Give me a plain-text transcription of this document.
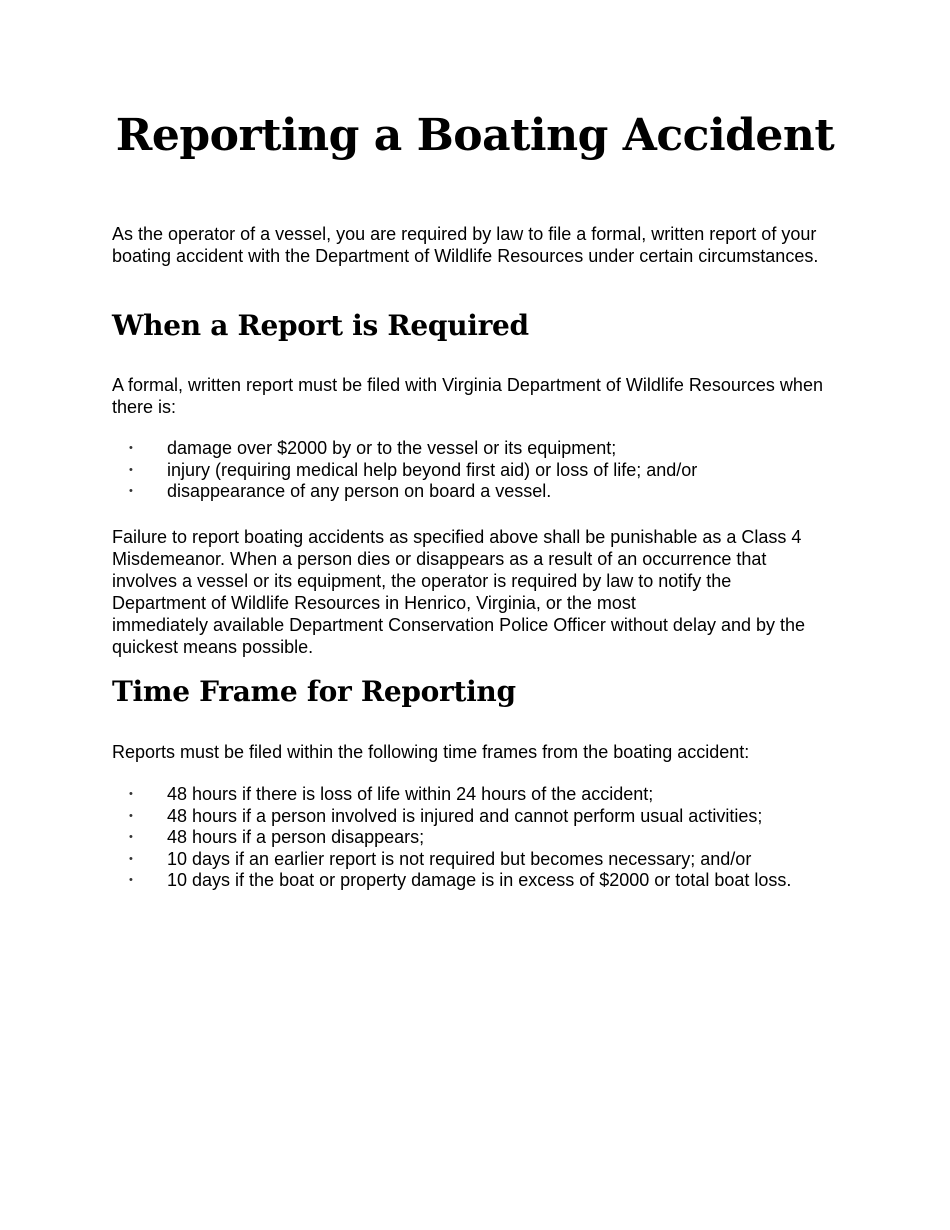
Reporting a Boating Accident

As the operator of a vessel, you are required by law to file a formal, written report of your boating accident with the Department of Wildlife Resources under certain circumstances.

When a Report is Required

A formal, written report must be filed with Virginia Department of Wildlife Resources when there is:

• damage over $2000 by or to the vessel or its equipment;
• injury (requiring medical help beyond first aid) or loss of life; and/or
• disappearance of any person on board a vessel.

Failure to report boating accidents as specified above shall be punishable as a Class 4
Misdemeanor. When a person dies or disappears as a result of an occurrence that
involves a vessel or its equipment, the operator is required by law to notify the
Department of Wildlife Resources in Henrico, Virginia, or the most
immediately available Department Conservation Police Officer without delay and by the
quickest means possible.

Time Frame for Reporting

Reports must be filed within the following time frames from the boating accident:

• 48 hours if there is loss of life within 24 hours of the accident;
• 48 hours if a person involved is injured and cannot perform usual activities;
• 48 hours if a person disappears;
• 10 days if an earlier report is not required but becomes necessary; and/or
• 10 days if the boat or property damage is in excess of $2000 or total boat loss.
